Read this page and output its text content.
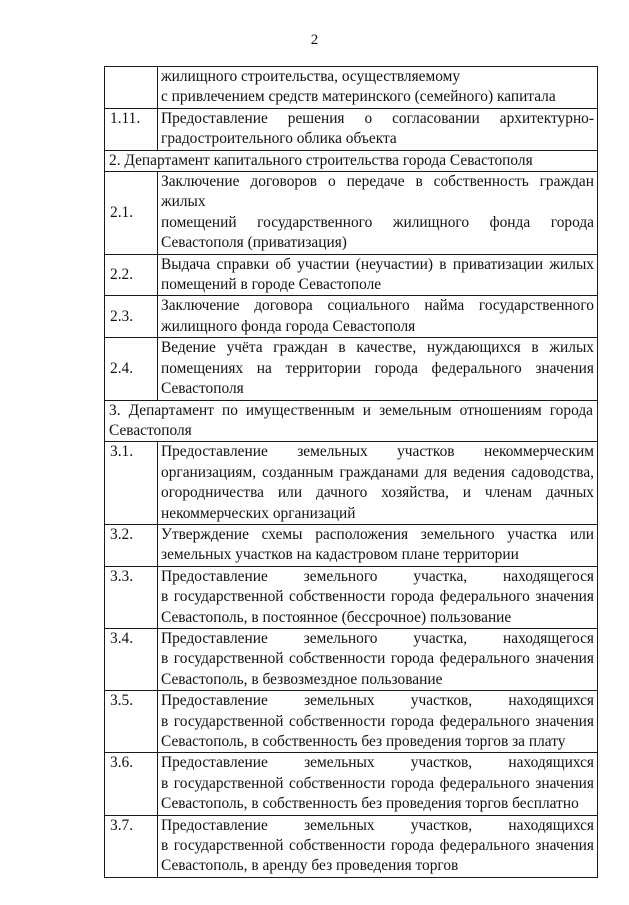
2

	жилищного строительства, осуществляемому
с привлечением средств материнского (семейного) капитала

1.11.	Предоставление решения о согласовании архитектурно-
градостроительного облика объекта

2. Департамент капитального строительства города Севастополя	
2.1.	Заключение договоров о передаче в собственность граждан жилых
помещений государственного жилищного фонда города
Севастополя (приватизация)

2.2.	Выдача справки об участии (неучастии) в приватизации жилых
помещений в городе Севастополе

2.3.	Заключение договора социального найма государственного
жилищного фонда города Севастополя

2.4.	Ведение учёта граждан в качестве, нуждающихся в жилых
помещениях на территории города федерального значения
Севастополя

3. Департамент по имущественным и земельным отношениям города
Севастополя	

3.1.	Предоставление земельных участков некоммерческим
организациям, созданным гражданами для ведения садоводства,
огородничества или дачного хозяйства, и членам дачных
некоммерческих организаций

3.2.	Утверждение схемы расположения земельного участка или
земельных участков на кадастровом плане территории

3.3.	Предоставление земельного участка, находящегося
в государственной собственности города федерального значения
Севастополь, в постоянное (бессрочное) пользование

3.4.	Предоставление земельного участка, находящегося
в государственной собственности города федерального значения
Севастополь, в безвозмездное пользование

3.5.	Предоставление земельных участков, находящихся
в государственной собственности города федерального значения
Севастополь, в собственность без проведения торгов за плату

3.6.	Предоставление земельных участков, находящихся
в государственной собственности города федерального значения
Севастополь, в собственность без проведения торгов бесплатно

3.7.	Предоставление земельных участков, находящихся
в государственной собственности города федерального значения
Севастополь, в аренду без проведения торгов
